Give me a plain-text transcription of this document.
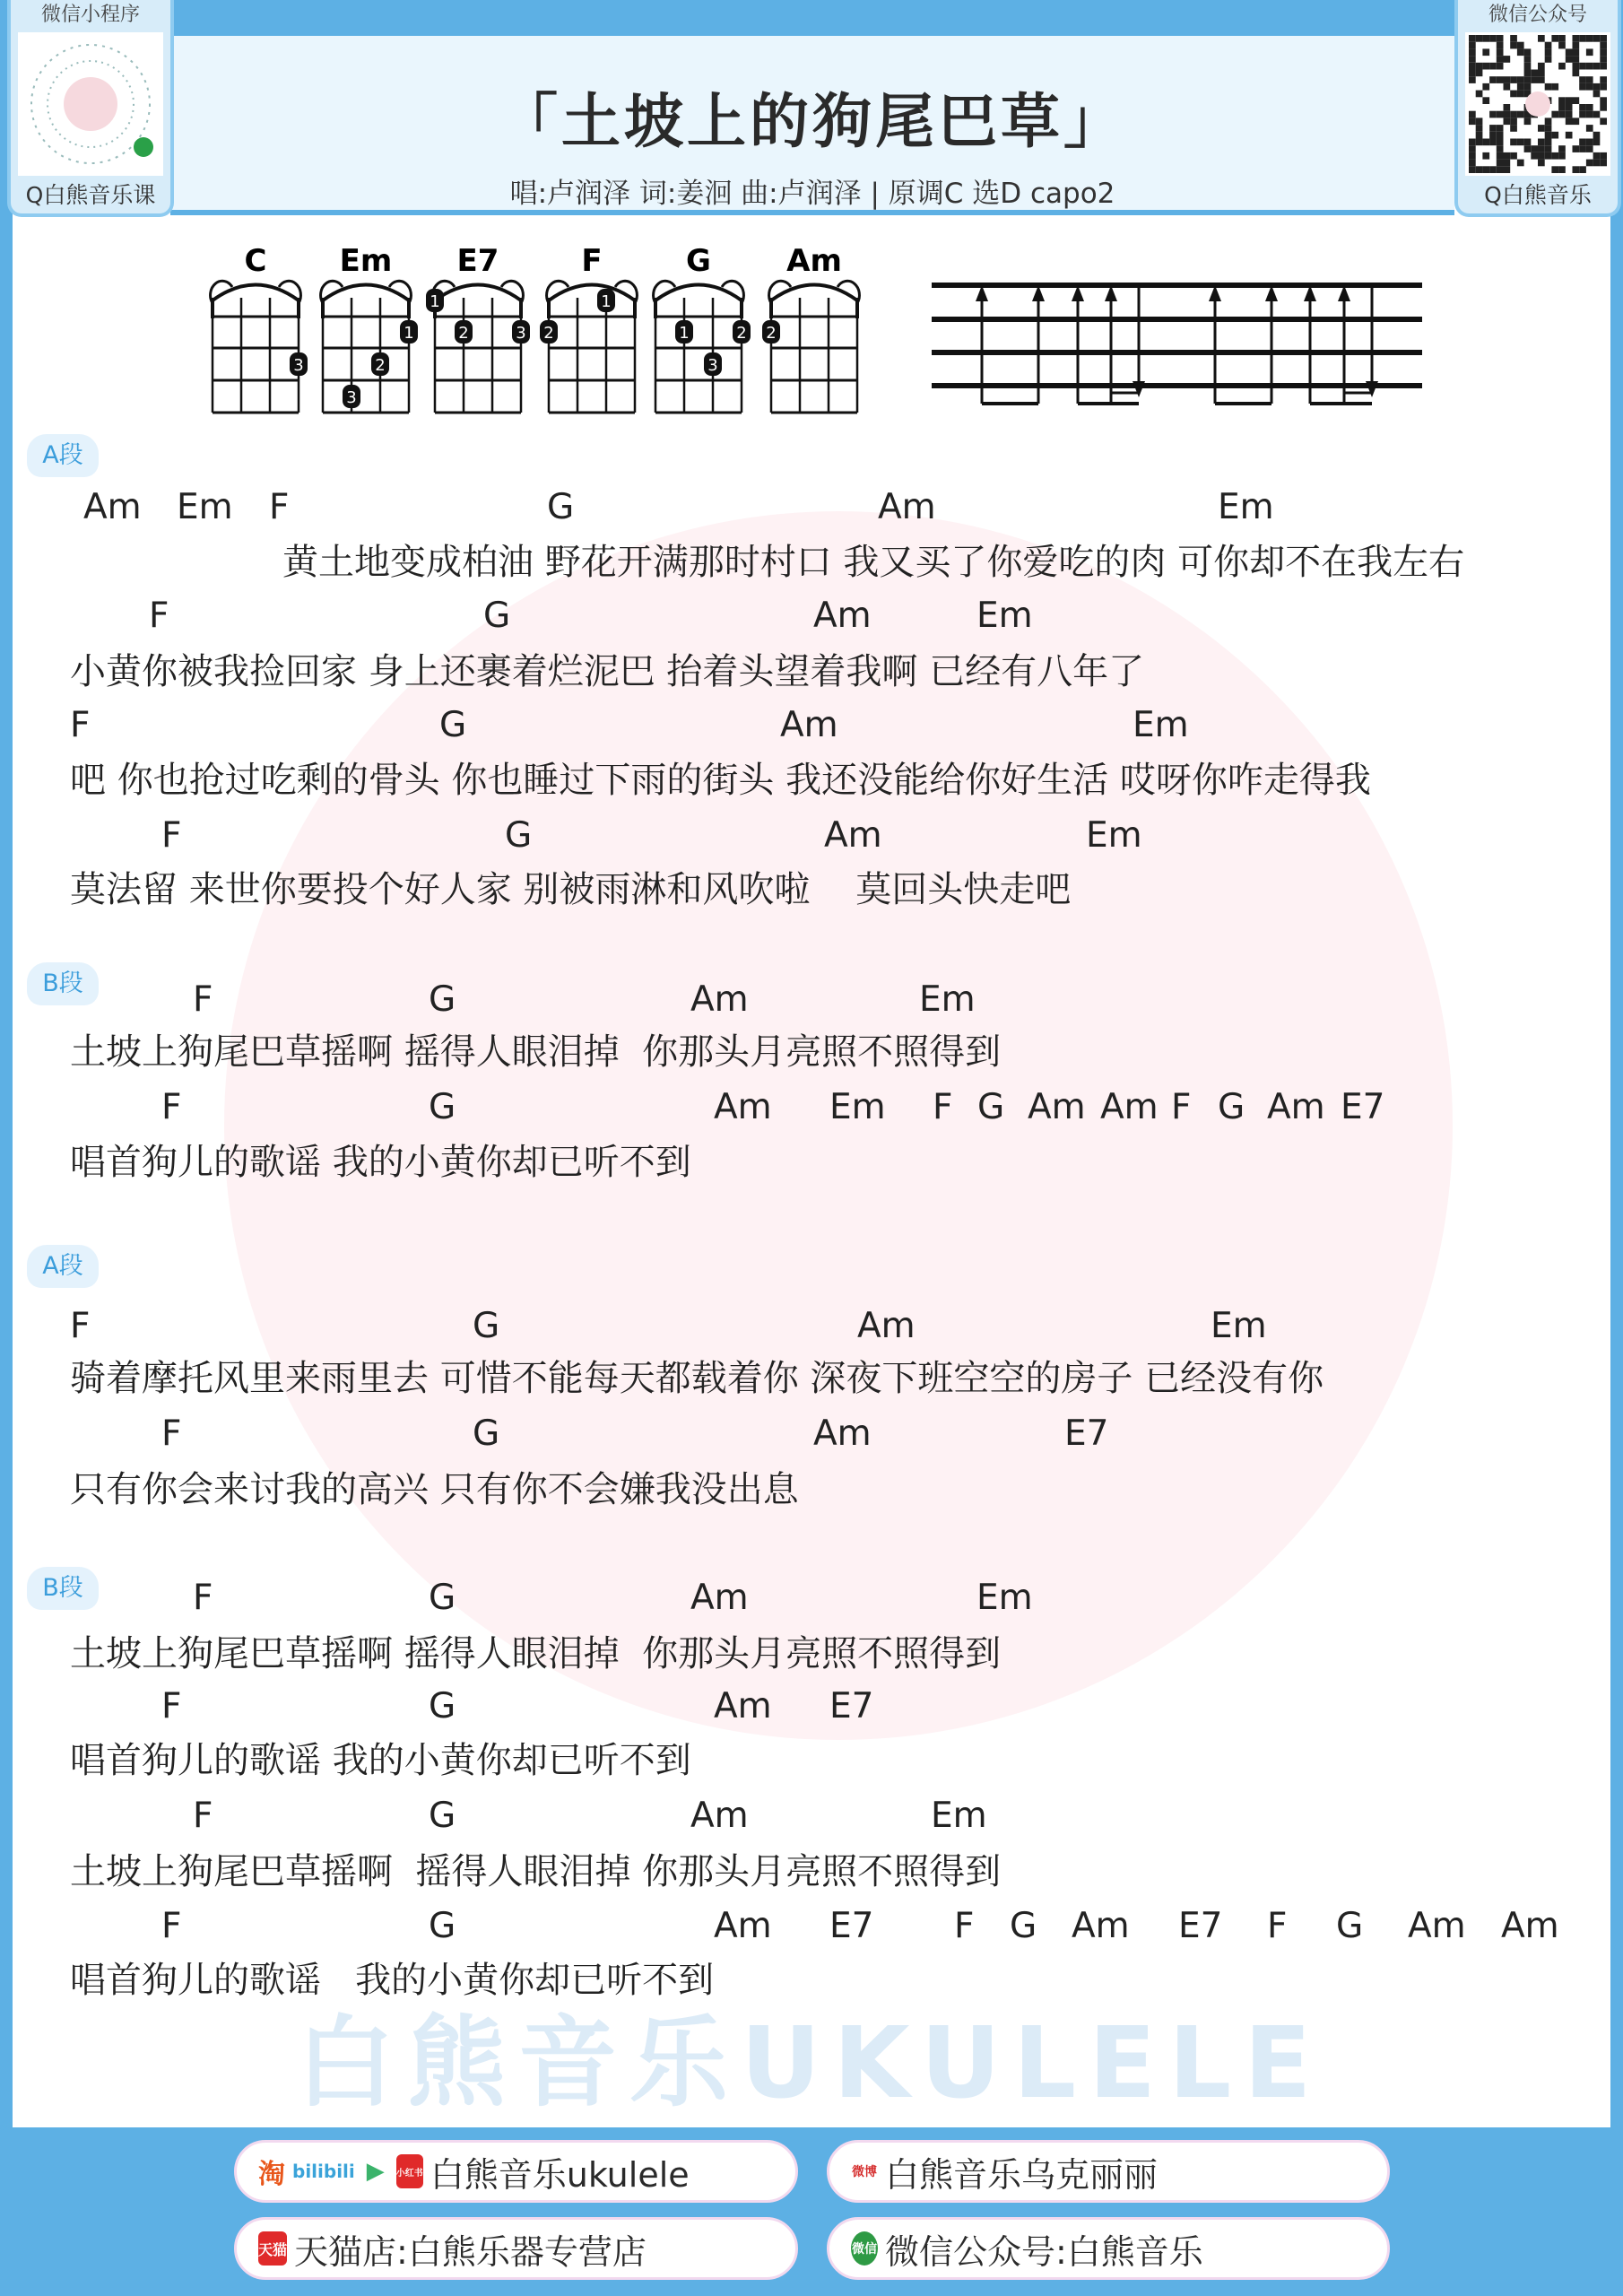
白熊音乐UKULELE
「土坡上的狗尾巴草」
唱:卢润泽 词:姜洄 曲:卢润泽 | 原调C 选D capo2
微信小程序
Q白熊音乐课
微信公众号
Q白熊音乐
C
3
Em
1
2
3
E7
1
2	3
F
2
1
G
1	2
3
Am
2
A段
B段
A段
B段
Am Em F	G	Am	Em
黄土地变成柏油 野花开满那时村口 我又买了你爱吃的肉 可你却不在我左右
F	G	Am	Em
小黄你被我捡回家 身上还裹着烂泥巴 抬着头望着我啊 已经有八年了
F	G	Am	Em
吧 你也抢过吃剩的骨头 你也睡过下雨的街头 我还没能给你好生活 哎呀你咋走得我
F	G	Am	Em
莫法留 来世你要投个好人家 别被雨淋和风吹啦    莫回头快走吧
F	G	Am	Em
土坡上狗尾巴草摇啊 摇得人眼泪掉  你那头月亮照不照得到
F	G	Am Em F G Am Am F G Am E7
唱首狗儿的歌谣 我的小黄你却已听不到
F	G	Am	Em
骑着摩托风里来雨里去 可惜不能每天都载着你 深夜下班空空的房子 已经没有你
F	G	Am	E7
只有你会来讨我的高兴 只有你不会嫌我没出息
F	G	Am	Em
土坡上狗尾巴草摇啊 摇得人眼泪掉  你那头月亮照不照得到
F	G	Am E7
唱首狗儿的歌谣 我的小黄你却已听不到
F	G	Am	Em
土坡上狗尾巴草摇啊  摇得人眼泪掉 你那头月亮照不照得到
F	G	Am E7 F G Am E7 F G Am Am
唱首狗儿的歌谣   我的小黄你却已听不到
淘 bilibili ▶	小红书 白熊音乐ukulele	微博 白熊音乐乌克丽丽
天猫 天猫店:白熊乐器专营店	微信 微信公众号:白熊音乐
